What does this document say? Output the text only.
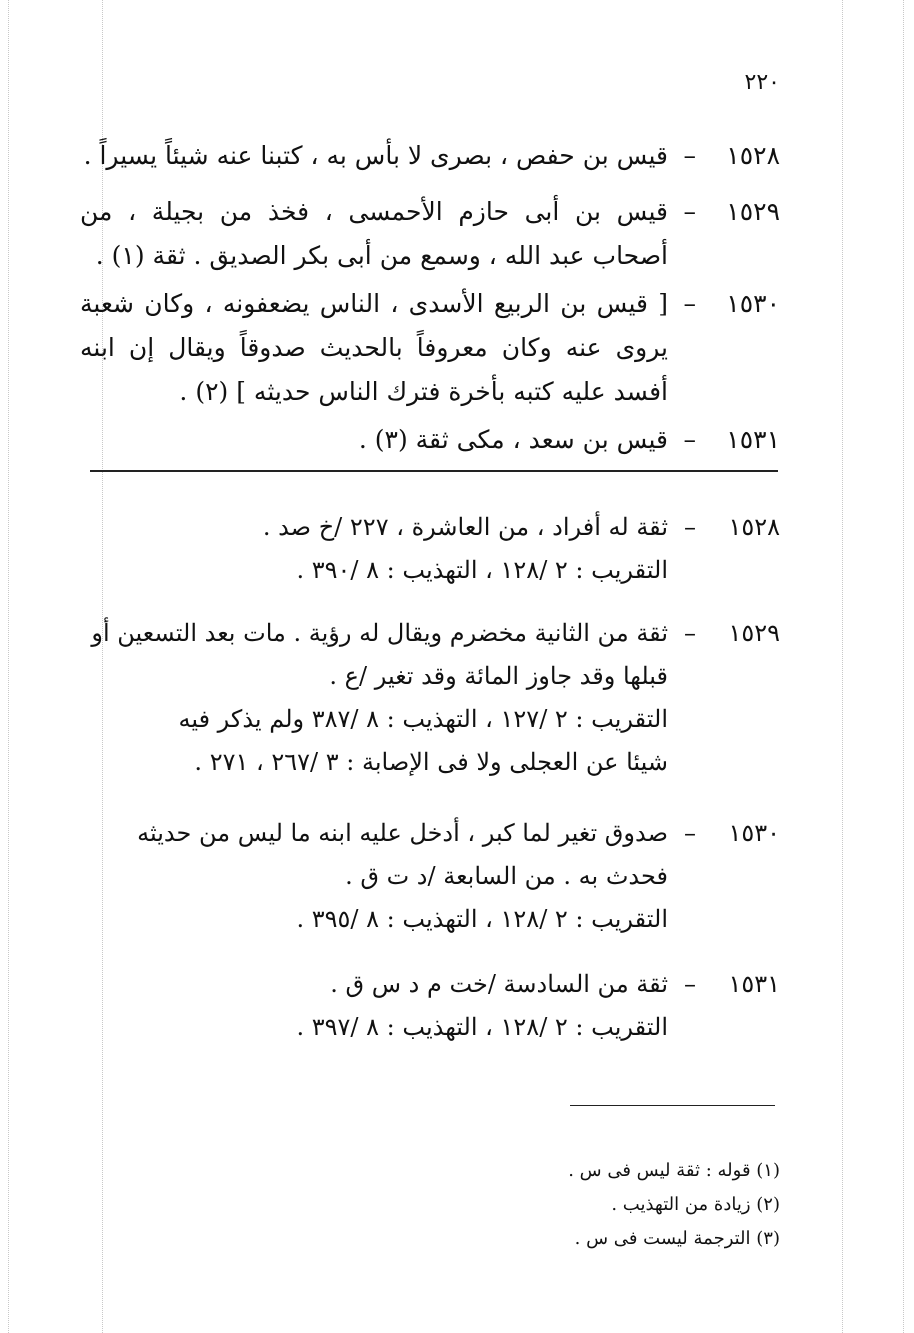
٢٢٠
١٥٢٨
–
قيس بن حفص ، بصرى لا بأس به ، كتبنا عنه شيئاً يسيراً .
١٥٢٩
–
قيس بن أبى حازم الأحمسى ، فخذ من بجيلة ، من أصحاب عبد الله ، وسمع من أبى بكر الصديق . ثقة (١) .
١٥٣٠
–
[ قيس بن الربيع الأسدى ، الناس يضعفونه ، وكان شعبة يروى عنه وكان معروفاً بالحديث صدوقاً ويقال إن ابنه أفسد عليه كتبه بأخرة فترك الناس حديثه ] (٢) .
١٥٣١
–
قيس بن سعد ، مكى ثقة (٣) .
١٥٢٨
–
ثقة له أفراد ، من العاشرة ، ٢٢٧ /خ صد .
التقريب : ٢ /١٢٨ ، التهذيب : ٨ /٣٩٠ .
١٥٢٩
–
ثقة من الثانية مخضرم ويقال له رؤية . مات بعد التسعين أو
قبلها وقد جاوز المائة وقد تغير /ع .
التقريب : ٢ /١٢٧ ، التهذيب : ٨ /٣٨٧ ولم يذكر فيه
شيئا عن العجلى ولا فى الإصابة : ٣ /٢٦٧ ، ٢٧١ .
١٥٣٠
–
صدوق تغير لما كبر ، أدخل عليه ابنه ما ليس من حديثه
فحدث به . من السابعة /د ت ق .
التقريب : ٢ /١٢٨ ، التهذيب : ٨ /٣٩٥ .
١٥٣١
–
ثقة من السادسة /خت م د س ق .
التقريب : ٢ /١٢٨ ، التهذيب : ٨ /٣٩٧ .
(١) قوله : ثقة ليس فى س .
(٢) زيادة من التهذيب .
(٣) الترجمة ليست فى س .
